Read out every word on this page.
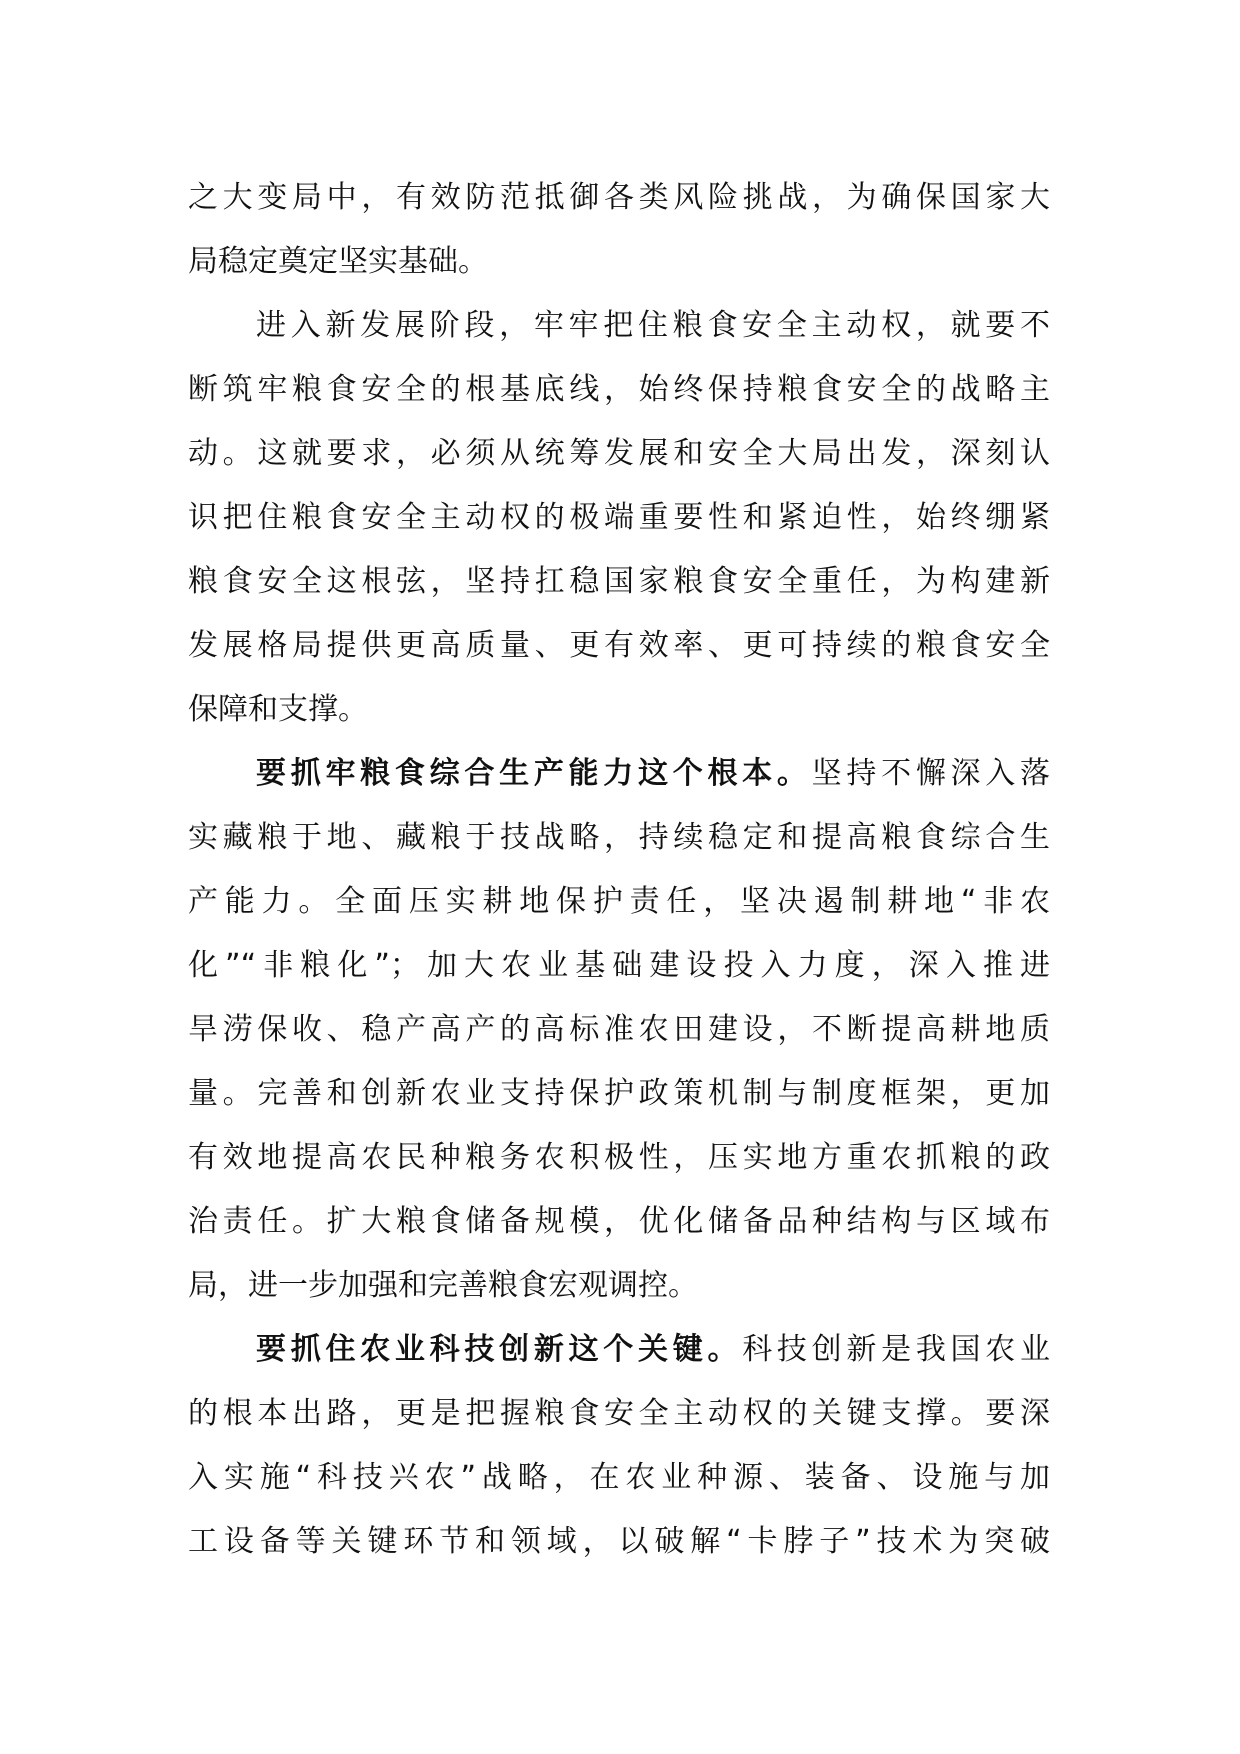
之大变局中，有效防范抵御各类风险挑战，为确保国家大
局稳定奠定坚实基础。
进入新发展阶段，牢牢把住粮食安全主动权，就要不
断筑牢粮食安全的根基底线，始终保持粮食安全的战略主
动。这就要求，必须从统筹发展和安全大局出发，深刻认
识把住粮食安全主动权的极端重要性和紧迫性，始终绷紧
粮食安全这根弦，坚持扛稳国家粮食安全重任，为构建新
发展格局提供更高质量、更有效率、更可持续的粮食安全
保障和支撑。
要抓牢粮食综合生产能力这个根本。坚持不懈深入落
实藏粮于地、藏粮于技战略，持续稳定和提高粮食综合生
产能力。全面压实耕地保护责任，坚决遏制耕地“非农
化”“非粮化”；加大农业基础建设投入力度，深入推进
旱涝保收、稳产高产的高标准农田建设，不断提高耕地质
量。完善和创新农业支持保护政策机制与制度框架，更加
有效地提高农民种粮务农积极性，压实地方重农抓粮的政
治责任。扩大粮食储备规模，优化储备品种结构与区域布
局，进一步加强和完善粮食宏观调控。
要抓住农业科技创新这个关键。科技创新是我国农业
的根本出路，更是把握粮食安全主动权的关键支撑。要深
入实施“科技兴农”战略，在农业种源、装备、设施与加
工设备等关键环节和领域，以破解“卡脖子”技术为突破
